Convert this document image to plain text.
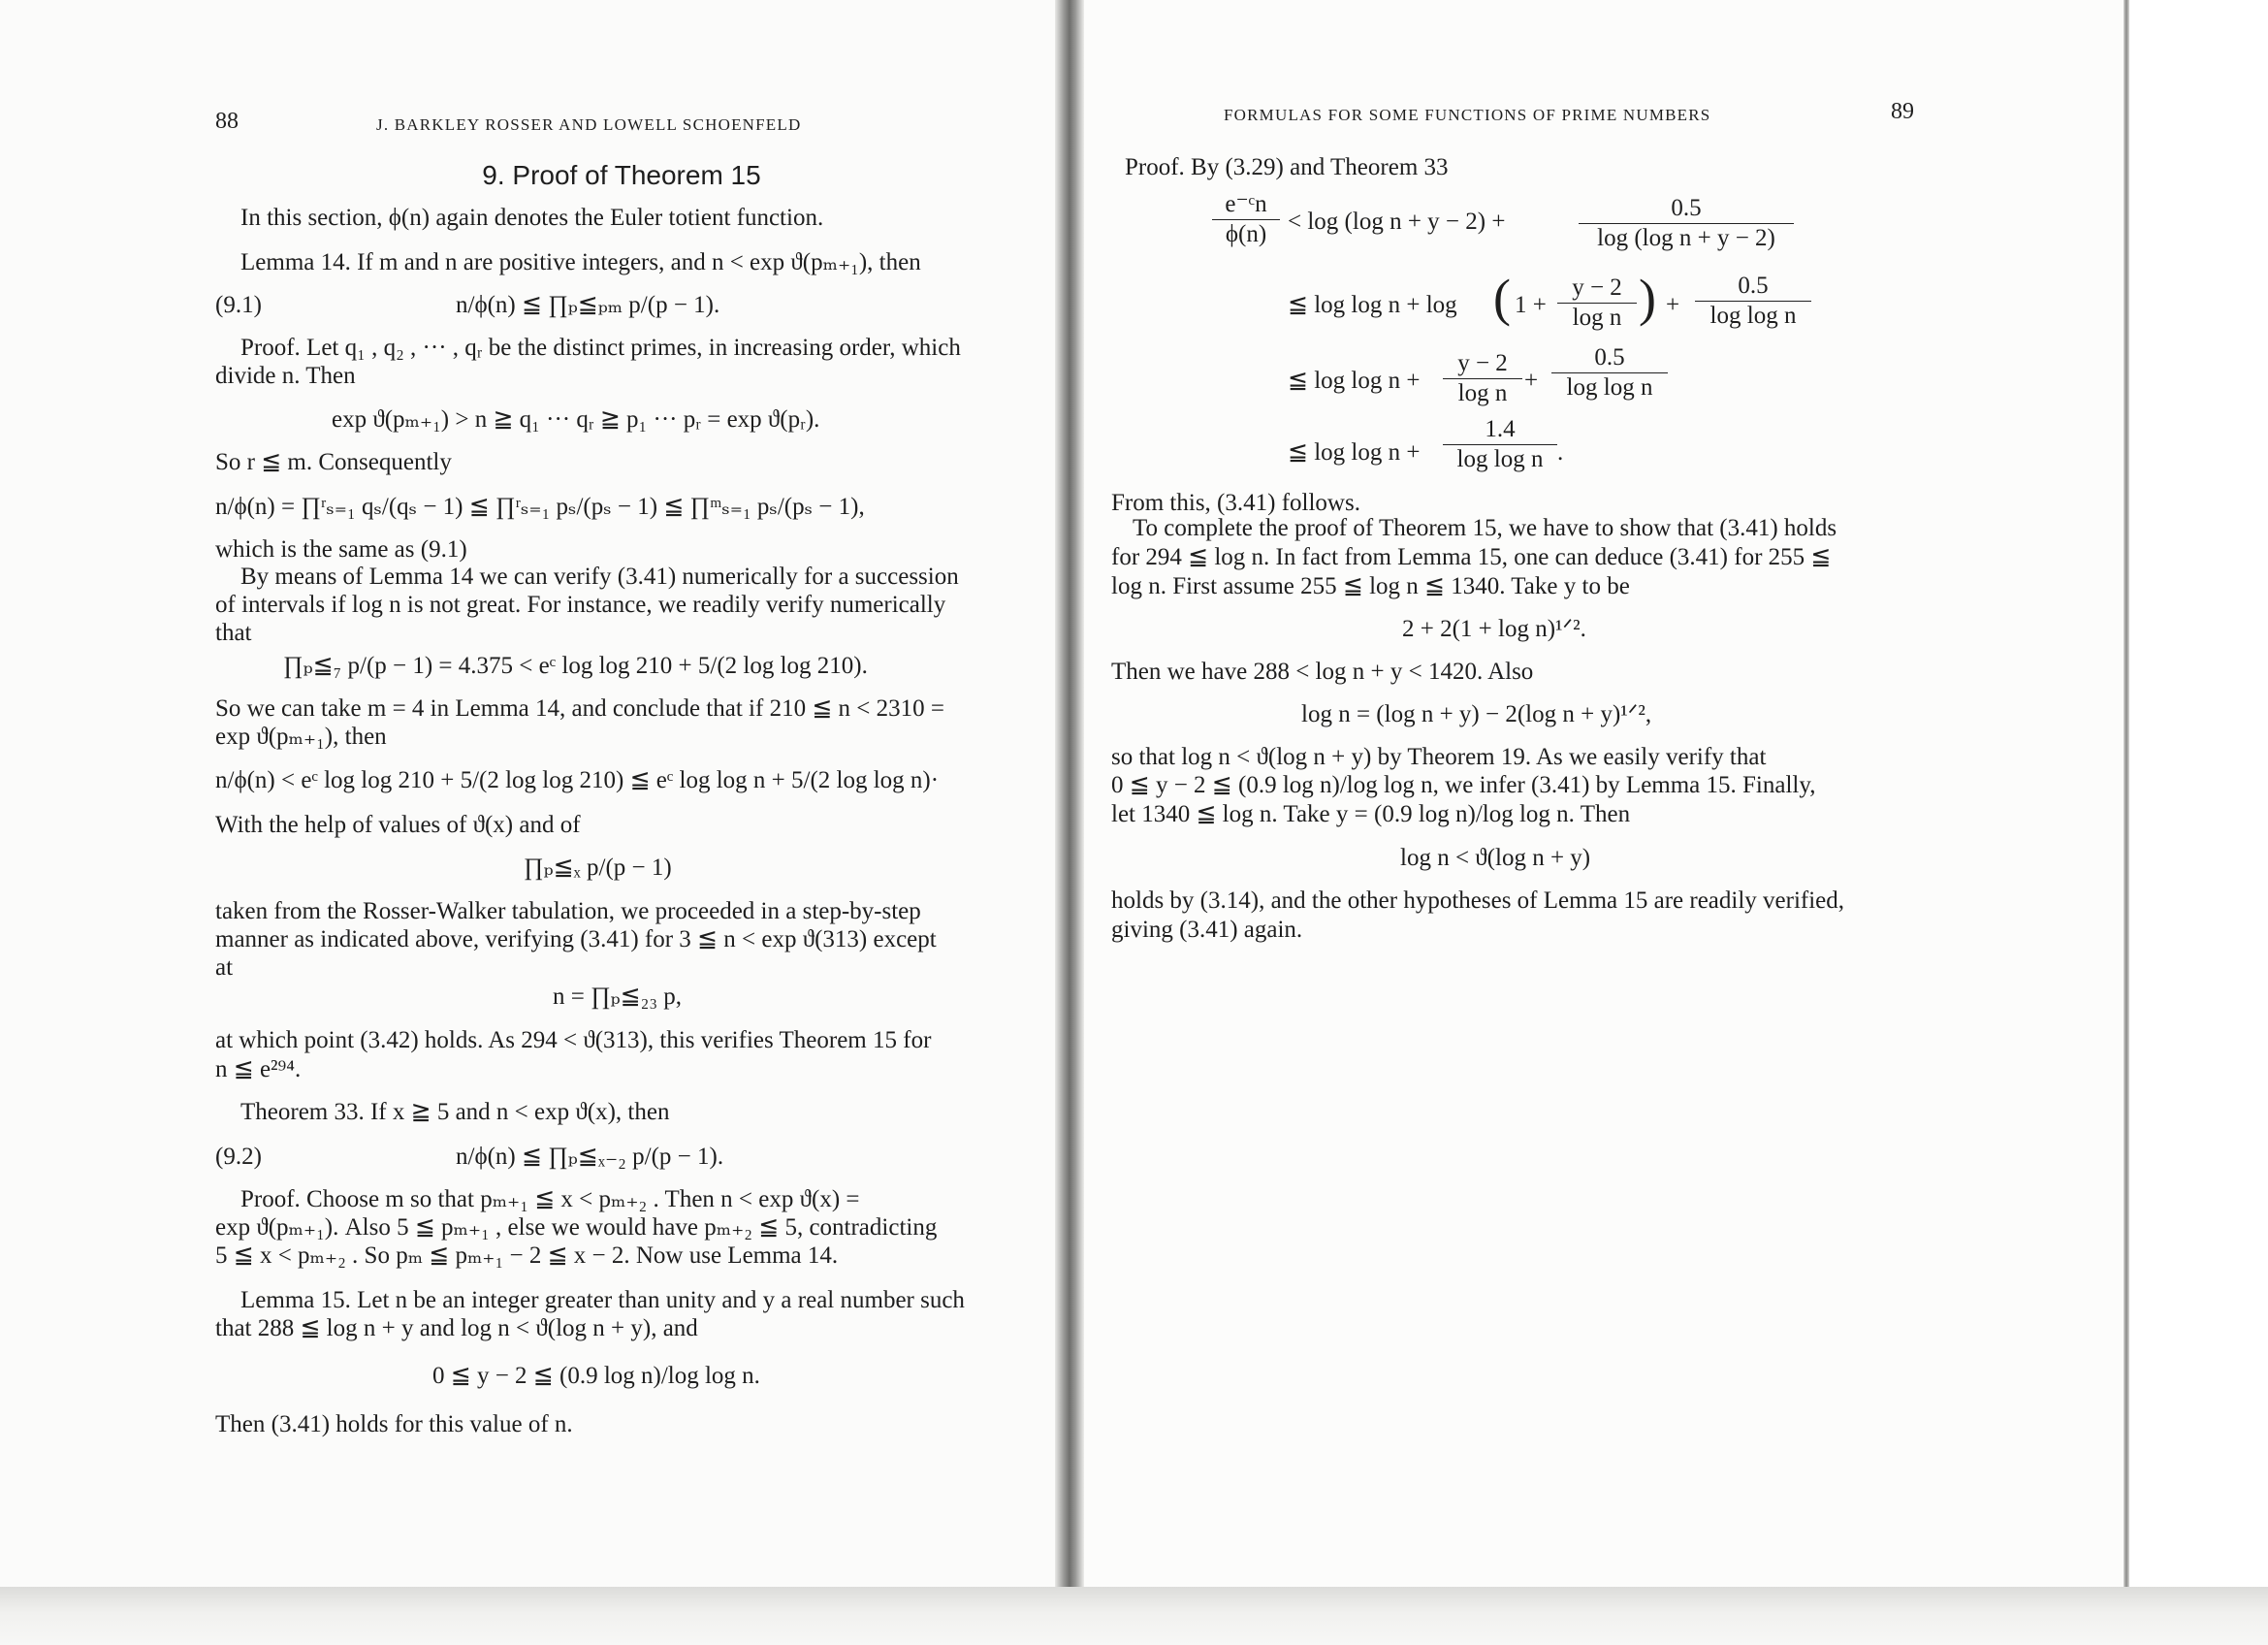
88	J. BARKLEY ROSSER AND LOWELL SCHOENFELD
9. Proof of Theorem 15
In this section, ϕ(n) again denotes the Euler totient function.
Lemma 14. If m and n are positive integers, and n < exp ϑ(pₘ₊₁), then
(9.1)	n/ϕ(n) ≦ ∏ₚ≦ₚₘ p/(p − 1).
Proof. Let q₁ , q₂ , ··· , qᵣ be the distinct primes, in increasing order, which
divide n. Then
exp ϑ(pₘ₊₁) > n ≧ q₁ ··· qᵣ ≧ p₁ ··· pᵣ = exp ϑ(pᵣ).
So r ≦ m. Consequently
n/ϕ(n) = ∏ʳₛ₌₁ qₛ/(qₛ − 1) ≦ ∏ʳₛ₌₁ pₛ/(pₛ − 1) ≦ ∏ᵐₛ₌₁ pₛ/(pₛ − 1),
which is the same as (9.1)
By means of Lemma 14 we can verify (3.41) numerically for a succession
of intervals if log n is not great. For instance, we readily verify numerically
that
∏ₚ≦₇ p/(p − 1) = 4.375 < eᶜ log log 210 + 5/(2 log log 210).
So we can take m = 4 in Lemma 14, and conclude that if 210 ≦ n < 2310 =
exp ϑ(pₘ₊₁), then
n/ϕ(n) < eᶜ log log 210 + 5/(2 log log 210) ≦ eᶜ log log n + 5/(2 log log n)·
With the help of values of ϑ(x) and of
∏ₚ≦ₓ p/(p − 1)
taken from the Rosser-Walker tabulation, we proceeded in a step-by-step
manner as indicated above, verifying (3.41) for 3 ≦ n < exp ϑ(313) except
at
n = ∏ₚ≦₂₃ p,
at which point (3.42) holds. As 294 < ϑ(313), this verifies Theorem 15 for
n ≦ e²⁹⁴.
Theorem 33. If x ≧ 5 and n < exp ϑ(x), then
(9.2)	n/ϕ(n) ≦ ∏ₚ≦ₓ₋₂ p/(p − 1).
Proof. Choose m so that pₘ₊₁ ≦ x < pₘ₊₂ . Then n < exp ϑ(x) =
exp ϑ(pₘ₊₁). Also 5 ≦ pₘ₊₁ , else we would have pₘ₊₂ ≦ 5, contradicting
5 ≦ x < pₘ₊₂ . So pₘ ≦ pₘ₊₁ − 2 ≦ x − 2. Now use Lemma 14.
Lemma 15. Let n be an integer greater than unity and y a real number such
that 288 ≦ log n + y and log n < ϑ(log n + y), and
0 ≦ y − 2 ≦ (0.9 log n)/log log n.
Then (3.41) holds for this value of n.
FORMULAS FOR SOME FUNCTIONS OF PRIME NUMBERS	89
Proof. By (3.29) and Theorem 33
$\frac{\text{e⁻ᶜn}}{\phi(n)} < \log (\log$ n + y − 2) +	$\frac{0.5}{\text{log (log n + y − 2)}}$
≦ log log n + log ( $1 + \frac{y - 2}{\text{log n}}$ ) + $\frac{0.5}{\text{log log n}}$
≦ $\log \log n + \frac{y - 2}{\text{log n}} + \frac{0.5}{\text{log log n}}$
≦ $\log \log n + \frac{1.4}{\text{log log n}}$ .
From this, (3.41) follows.
To complete the proof of Theorem 15, we have to show that (3.41) holds
for 294 ≦ log n. In fact from Lemma 15, one can deduce (3.41) for 255 ≦
log n. First assume 255 ≦ log n ≦ 1340. Take y to be
2 + 2(1 + log n)¹ᐟ².
Then we have 288 < log n + y < 1420. Also
log n = (log n + y) − 2(log n + y)¹ᐟ²,
so that log n < ϑ(log n + y) by Theorem 19. As we easily verify that
0 ≦ y − 2 ≦ (0.9 log n)/log log n, we infer (3.41) by Lemma 15. Finally,
let 1340 ≦ log n. Take y = (0.9 log n)/log log n. Then
log n < ϑ(log n + y)
holds by (3.14), and the other hypotheses of Lemma 15 are readily verified,
giving (3.41) again.
